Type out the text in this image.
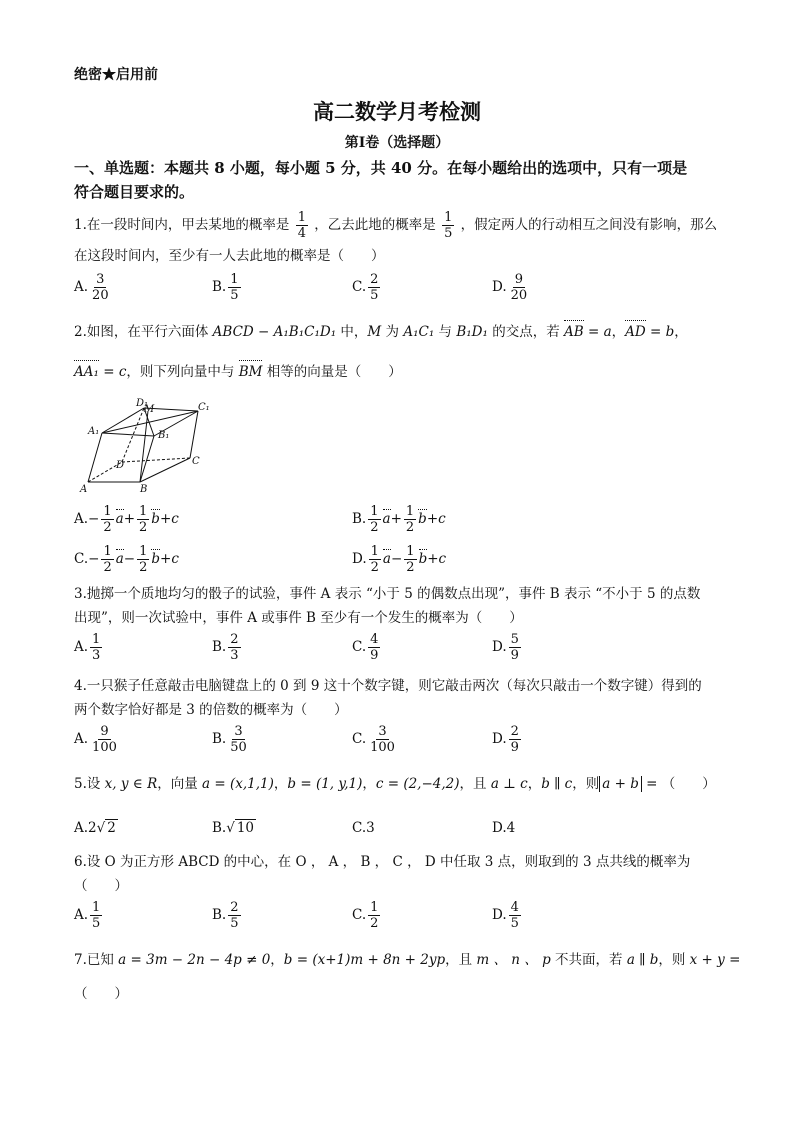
绝密★启用前
高二数学月考检测
第Ⅰ卷（选择题）
一、单选题：本题共 8 小题，每小题 5 分，共 40 分。在每小题给出的选项中，只有一项是
符合题目要求的。
1.在一段时间内，甲去某地的概率是 $\frac{1}{4}$ ，乙去此地的概率是 $\frac{1}{5}$ ，假定两人的行动相互之间没有影响，那么
在这段时间内，至少有一人去此地的概率是（　　）
A. $\frac{3}{20}$	B. $\frac{1}{5}$	C. $\frac{2}{5}$	D. $\frac{9}{20}$
2.如图，在平行六面体 ABCD − A₁B₁C₁D₁ 中，M 为 A₁C₁ 与 B₁D₁ 的交点，若 AB = a，AD = b，
AA₁ = c，则下列向量中与 BM 相等的向量是（　　）
D₁
M	C₁
A₁	B₁
D	C
A	B
$A.- \frac{1}{2} a+ \frac{1}{2} b+c$	B. $\frac{1}{2} a+ \frac{1}{2} b+c$
$C.- \frac{1}{2} a- \frac{1}{2} b+c$	D. $\frac{1}{2} a- \frac{1}{2} b+c$
3.抛掷一个质地均匀的骰子的试验，事件 A 表示 “小于 5 的偶数点出现”，事件 B 表示 “不小于 5 的点数
出现”，则一次试验中，事件 A 或事件 B 至少有一个发生的概率为（　　）
A. $\frac{1}{3}$	B. $\frac{2}{3}$	C. $\frac{4}{9}$	D. $\frac{5}{9}$
4.一只猴子任意敲击电脑键盘上的 0 到 9 这十个数字键，则它敲击两次（每次只敲击一个数字键）得到的
两个数字恰好都是 3 的倍数的概率为（　　）
A. $\frac{9}{100}$	B. $\frac{3}{50}$	C. $\frac{3}{100}$	D. $\frac{2}{9}$
5.设 x, y ∈ R，向量 a = (x,1,1)，b = (1, y,1)，c = (2,−4,2)，且 a ⊥ c，b ∥ c，则 a + b = （　　）
A.2√ 2	B.√ 10	C.3	D.4
6.设 O 为正方形 ABCD 的中心，在 O ， A ， B ， C ， D 中任取 3 点，则取到的 3 点共线的概率为
（　　）
A. $\frac{1}{5}$	B. $\frac{2}{5}$	C. $\frac{1}{2}$	D. $\frac{4}{5}$
7.已知 a = 3m − 2n − 4p ≠ 0，b = (x+1)m + 8n + 2yp，且 m 、 n 、 p 不共面，若 a ∥ b，则 x + y =
（　　）
